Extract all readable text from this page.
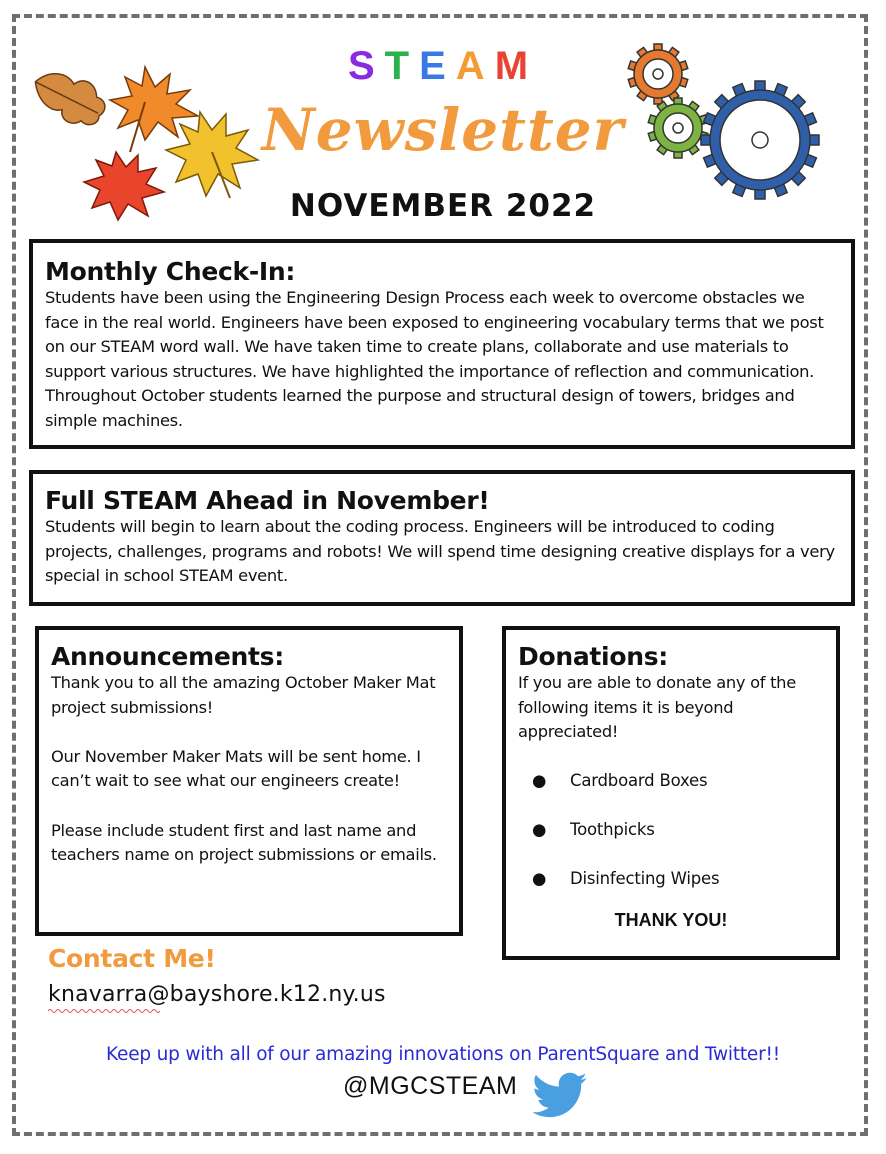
STEAM
Newsletter
NOVEMBER 2022
Monthly Check-In:

Students have been using the Engineering Design Process each week to overcome obstacles we face in the real world. Engineers have been exposed to engineering vocabulary terms that we post on our STEAM word wall. We have taken time to create plans, collaborate and use materials to support various structures. We have highlighted the importance of reflection and communication. Throughout October students learned the purpose and structural design of towers, bridges and simple machines.

Full STEAM Ahead in November!

Students will begin to learn about the coding process. Engineers will be introduced to coding projects, challenges, programs and robots! We will spend time designing creative displays for a very special in school STEAM event.

Announcements:

Thank you to all the amazing October Maker Mat project submissions!

Our November Maker Mats will be sent home. I can’t wait to see what our engineers create!

Please include student first and last name and teachers name on project submissions or emails.

Donations:

If you are able to donate any of the following items it is beyond appreciated!

● Cardboard Boxes
● Toothpicks
● Disinfecting Wipes
THANK YOU!
Contact Me!
knavarra@bayshore.k12.ny.us
Keep up with all of our amazing innovations on ParentSquare and Twitter!!
@MGCSTEAM
